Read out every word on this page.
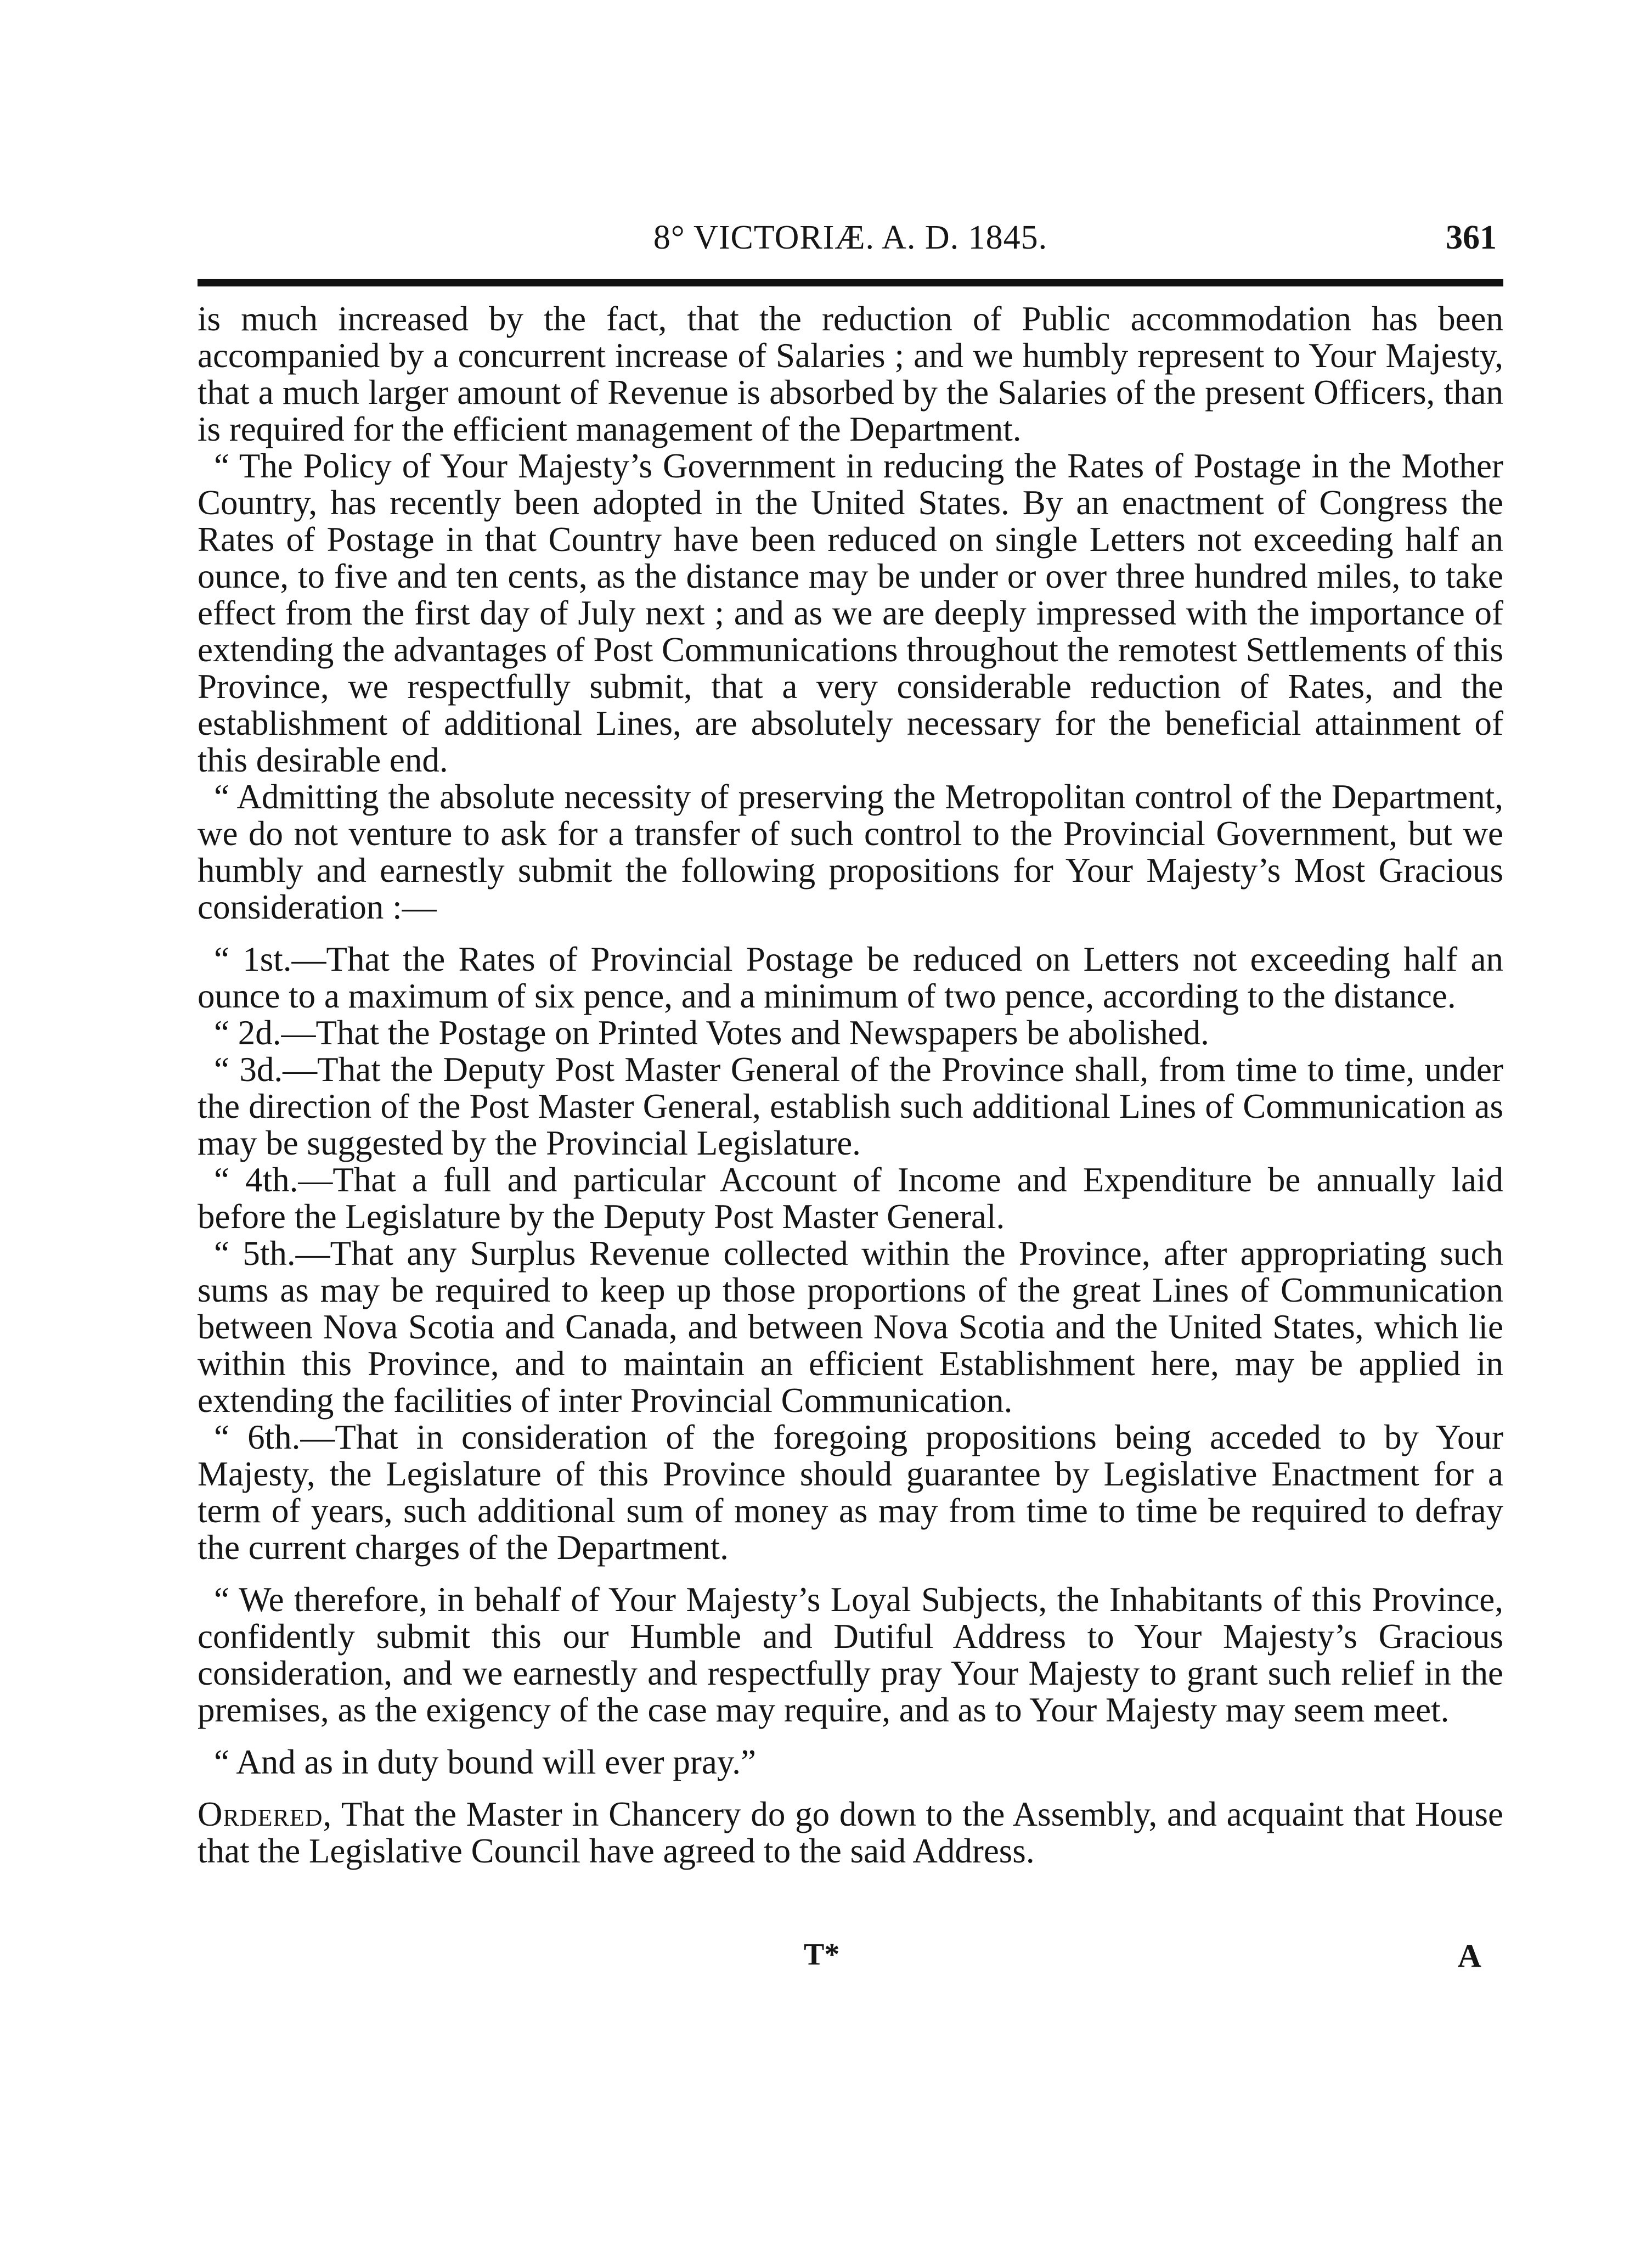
8° VICTORIÆ. A. D. 1845.	361

is much increased by the fact, that the reduction of Public accommodation has been accompanied by a concurrent increase of Salaries ; and we humbly represent to Your Majesty, that a much larger amount of Revenue is absorbed by the Salaries of the present Officers, than is required for the efficient management of the Department.

“ The Policy of Your Majesty’s Government in reducing the Rates of Postage in the Mother Country, has recently been adopted in the United States. By an enactment of Congress the Rates of Postage in that Country have been reduced on single Letters not exceeding half an ounce, to five and ten cents, as the distance may be under or over three hundred miles, to take effect from the first day of July next ; and as we are deeply impressed with the importance of extending the advantages of Post Communications throughout the remotest Settlements of this Province, we respectfully submit, that a very considerable reduction of Rates, and the establishment of additional Lines, are absolutely necessary for the beneficial attainment of this desirable end.

“ Admitting the absolute necessity of preserving the Metropolitan control of the Department, we do not venture to ask for a transfer of such control to the Provincial Government, but we humbly and earnestly submit the following propositions for Your Majesty’s Most Gracious consideration :—

“ 1st.—That the Rates of Provincial Postage be reduced on Letters not exceeding half an ounce to a maximum of six pence, and a minimum of two pence, according to the distance.

“ 2d.—That the Postage on Printed Votes and Newspapers be abolished.

“ 3d.—That the Deputy Post Master General of the Province shall, from time to time, under the direction of the Post Master General, establish such additional Lines of Communication as may be suggested by the Provincial Legislature.

“ 4th.—That a full and particular Account of Income and Expenditure be annually laid before the Legislature by the Deputy Post Master General.

“ 5th.—That any Surplus Revenue collected within the Province, after appropriating such sums as may be required to keep up those proportions of the great Lines of Communication between Nova Scotia and Canada, and between Nova Scotia and the United States, which lie within this Province, and to maintain an efficient Establishment here, may be applied in extending the facilities of inter Provincial Communication.

“ 6th.—That in consideration of the foregoing propositions being acceded to by Your Majesty, the Legislature of this Province should guarantee by Legislative Enactment for a term of years, such additional sum of money as may from time to time be required to defray the current charges of the Department.

“ We therefore, in behalf of Your Majesty’s Loyal Subjects, the Inhabitants of this Province, confidently submit this our Humble and Dutiful Address to Your Majesty’s Gracious consideration, and we earnestly and respectfully pray Your Majesty to grant such relief in the premises, as the exigency of the case may require, and as to Your Majesty may seem meet.

“ And as in duty bound will ever pray.”

Ordered, That the Master in Chancery do go down to the Assembly, and acquaint that House that the Legislative Council have agreed to the said Address.

T*	A
